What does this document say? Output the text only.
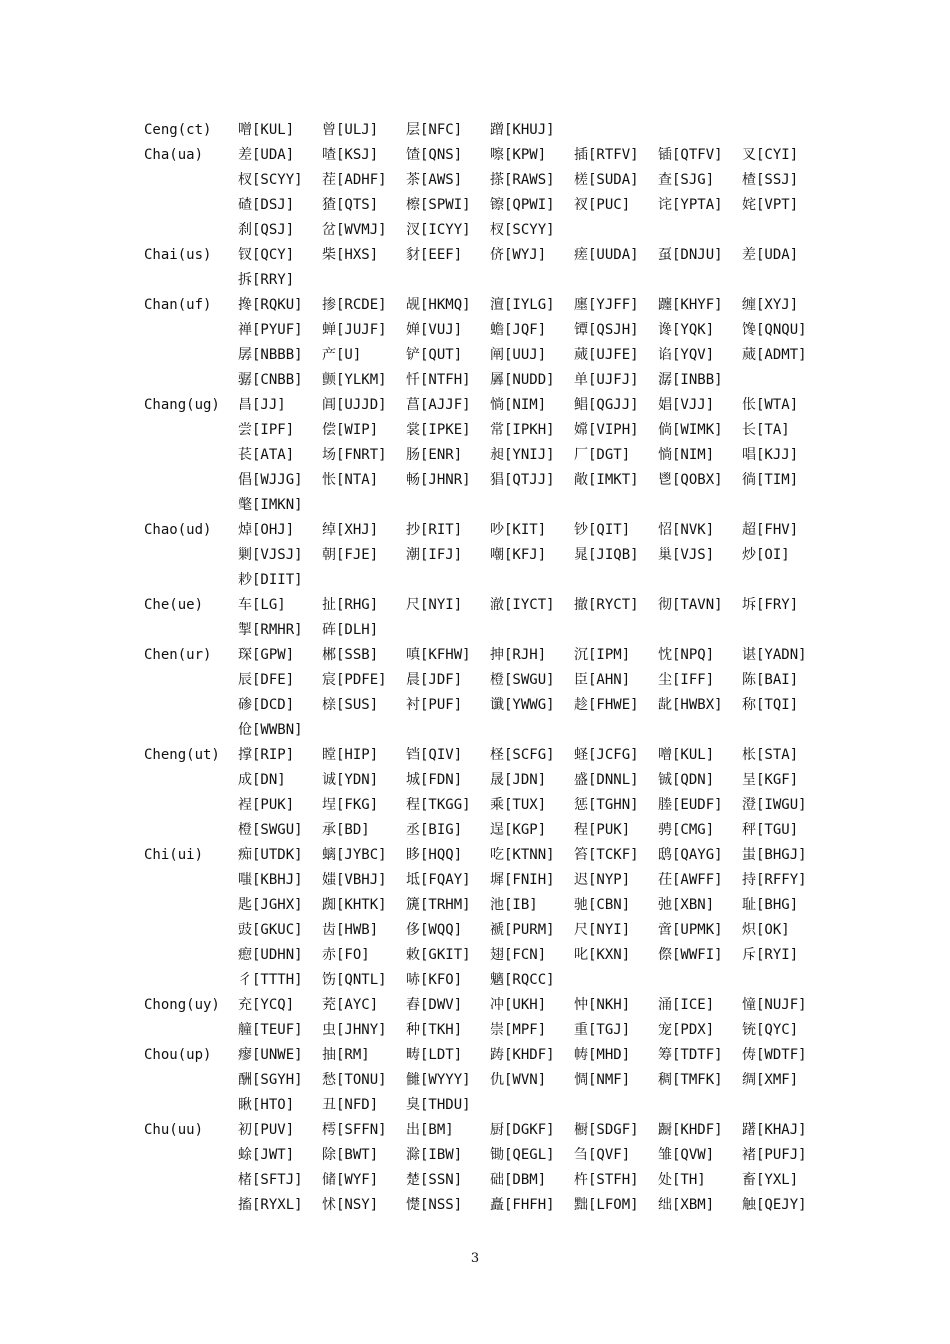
Ceng(ct)	噌[KUL]	曾[ULJ]	层[NFC]	蹭[KHUJ]
Cha(ua)	差[UDA]	喳[KSJ]	馇[QNS]	嚓[KPW]	插[RTFV]	锸[QTFV]	叉[CYI]
杈[SCYY]	茬[ADHF]	茶[AWS]	搽[RAWS]	槎[SUDA]	查[SJG]	楂[SSJ]
碴[DSJ]	猹[QTS]	檫[SPWI]	镲[QPWI]	衩[PUC]	诧[YPTA]	姹[VPT]
刹[QSJ]	岔[WVMJ]	汊[ICYY]	杈[SCYY]
Chai(us)	钗[QCY]	柴[HXS]	豺[EEF]	侪[WYJ]	瘥[UUDA]	虿[DNJU]	差[UDA]
拆[RRY]
Chan(uf)	搀[RQKU]	掺[RCDE]	觇[HKMQ]	澶[IYLG]	廛[YJFF]	躔[KHYF]	缠[XYJ]
禅[PYUF]	蝉[JUJF]	婵[VUJ]	蟾[JQF]	镡[QSJH]	谗[YQK]	馋[QNQU]
孱[NBBB]	产[U]	铲[QUT]	阐[UUJ]	蒇[UJFE]	谄[YQV]	蒇[ADMT]
骣[CNBB]	颤[YLKM]	忏[NTFH]	羼[NUDD]	单[UJFJ]	潺[INBB]
Chang(ug)	昌[JJ]	阊[UJJD]	菖[AJJF]	惝[NIM]	鲳[QGJJ]	娼[VJJ]	伥[WTA]
尝[IPF]	偿[WIP]	裳[IPKE]	常[IPKH]	嫦[VIPH]	倘[WIMK]	长[TA]
苌[ATA]	场[FNRT]	肠[ENR]	昶[YNIJ]	厂[DGT]	惝[NIM]	唱[KJJ]
倡[WJJG]	怅[NTA]	畅[JHNR]	猖[QTJJ]	敞[IMKT]	鬯[QOBX]	徜[TIM]
氅[IMKN]
Chao(ud)	焯[OHJ]	绰[XHJ]	抄[RIT]	吵[KIT]	钞[QIT]	怊[NVK]	超[FHV]
剿[VJSJ]	朝[FJE]	潮[IFJ]	嘲[KFJ]	晁[JIQB]	巢[VJS]	炒[OI]
耖[DIIT]
Che(ue)	车[LG]	扯[RHG]	尺[NYI]	澈[IYCT]	撤[RYCT]	彻[TAVN]	坼[FRY]
掣[RMHR]	砗[DLH]
Chen(ur)	琛[GPW]	郴[SSB]	嗔[KFHW]	抻[RJH]	沉[IPM]	忱[NPQ]	谌[YADN]
辰[DFE]	宸[PDFE]	晨[JDF]	橙[SWGU]	臣[AHN]	尘[IFF]	陈[BAI]
碜[DCD]	榇[SUS]	衬[PUF]	谶[YWWG]	趁[FHWE]	龀[HWBX]	称[TQI]
伧[WWBN]
Cheng(ut)	撑[RIP]	瞠[HIP]	铛[QIV]	柽[SCFG]	蛏[JCFG]	噌[KUL]	枨[STA]
成[DN]	诚[YDN]	城[FDN]	晟[JDN]	盛[DNNL]	铖[QDN]	呈[KGF]
裎[PUK]	埕[FKG]	程[TKGG]	乘[TUX]	惩[TGHN]	塍[EUDF]	澄[IWGU]
橙[SWGU]	承[BD]	丞[BIG]	逞[KGP]	程[PUK]	骋[CMG]	秤[TGU]
Chi(ui)	痴[UTDK]	螭[JYBC]	眵[HQQ]	吃[KTNN]	笞[TCKF]	鸱[QAYG]	蚩[BHGJ]
嗤[KBHJ]	媸[VBHJ]	坻[FQAY]	墀[FNIH]	迟[NYP]	茌[AWFF]	持[RFFY]
匙[JGHX]	踟[KHTK]	篪[TRHM]	池[IB]	驰[CBN]	弛[XBN]	耻[BHG]
豉[GKUC]	齿[HWB]	侈[WQQ]	褫[PURM]	尺[NYI]	啻[UPMK]	炽[OK]
瘛[UDHN]	赤[FO]	敕[GKIT]	翅[FCN]	叱[KXN]	傺[WWFI]	斥[RYI]
彳[TTTH]	饬[QNTL]	哧[KFO]	魑[RQCC]
Chong(uy)	充[YCQ]	茺[AYC]	舂[DWV]	冲[UKH]	忡[NKH]	涌[ICE]	憧[NUJF]
艟[TEUF]	虫[JHNY]	种[TKH]	崇[MPF]	重[TGJ]	宠[PDX]	铳[QYC]
Chou(up)	瘳[UNWE]	抽[RM]	畴[LDT]	踌[KHDF]	帱[MHD]	筹[TDTF]	俦[WDTF]
酬[SGYH]	愁[TONU]	雠[WYYY]	仇[WVN]	惆[NMF]	稠[TMFK]	绸[XMF]
瞅[HTO]	丑[NFD]	臭[THDU]
Chu(uu)	初[PUV]	樗[SFFN]	出[BM]	厨[DGKF]	橱[SDGF]	蹰[KHDF]	躇[KHAJ]
蜍[JWT]	除[BWT]	滁[IBW]	锄[QEGL]	刍[QVF]	雏[QVW]	褚[PUFJ]
楮[SFTJ]	储[WYF]	楚[SSN]	础[DBM]	杵[STFH]	处[TH]	畜[YXL]
搐[RYXL]	怵[NSY]	憷[NSS]	矗[FHFH]	黜[LFOM]	绌[XBM]	触[QEJY]
3
